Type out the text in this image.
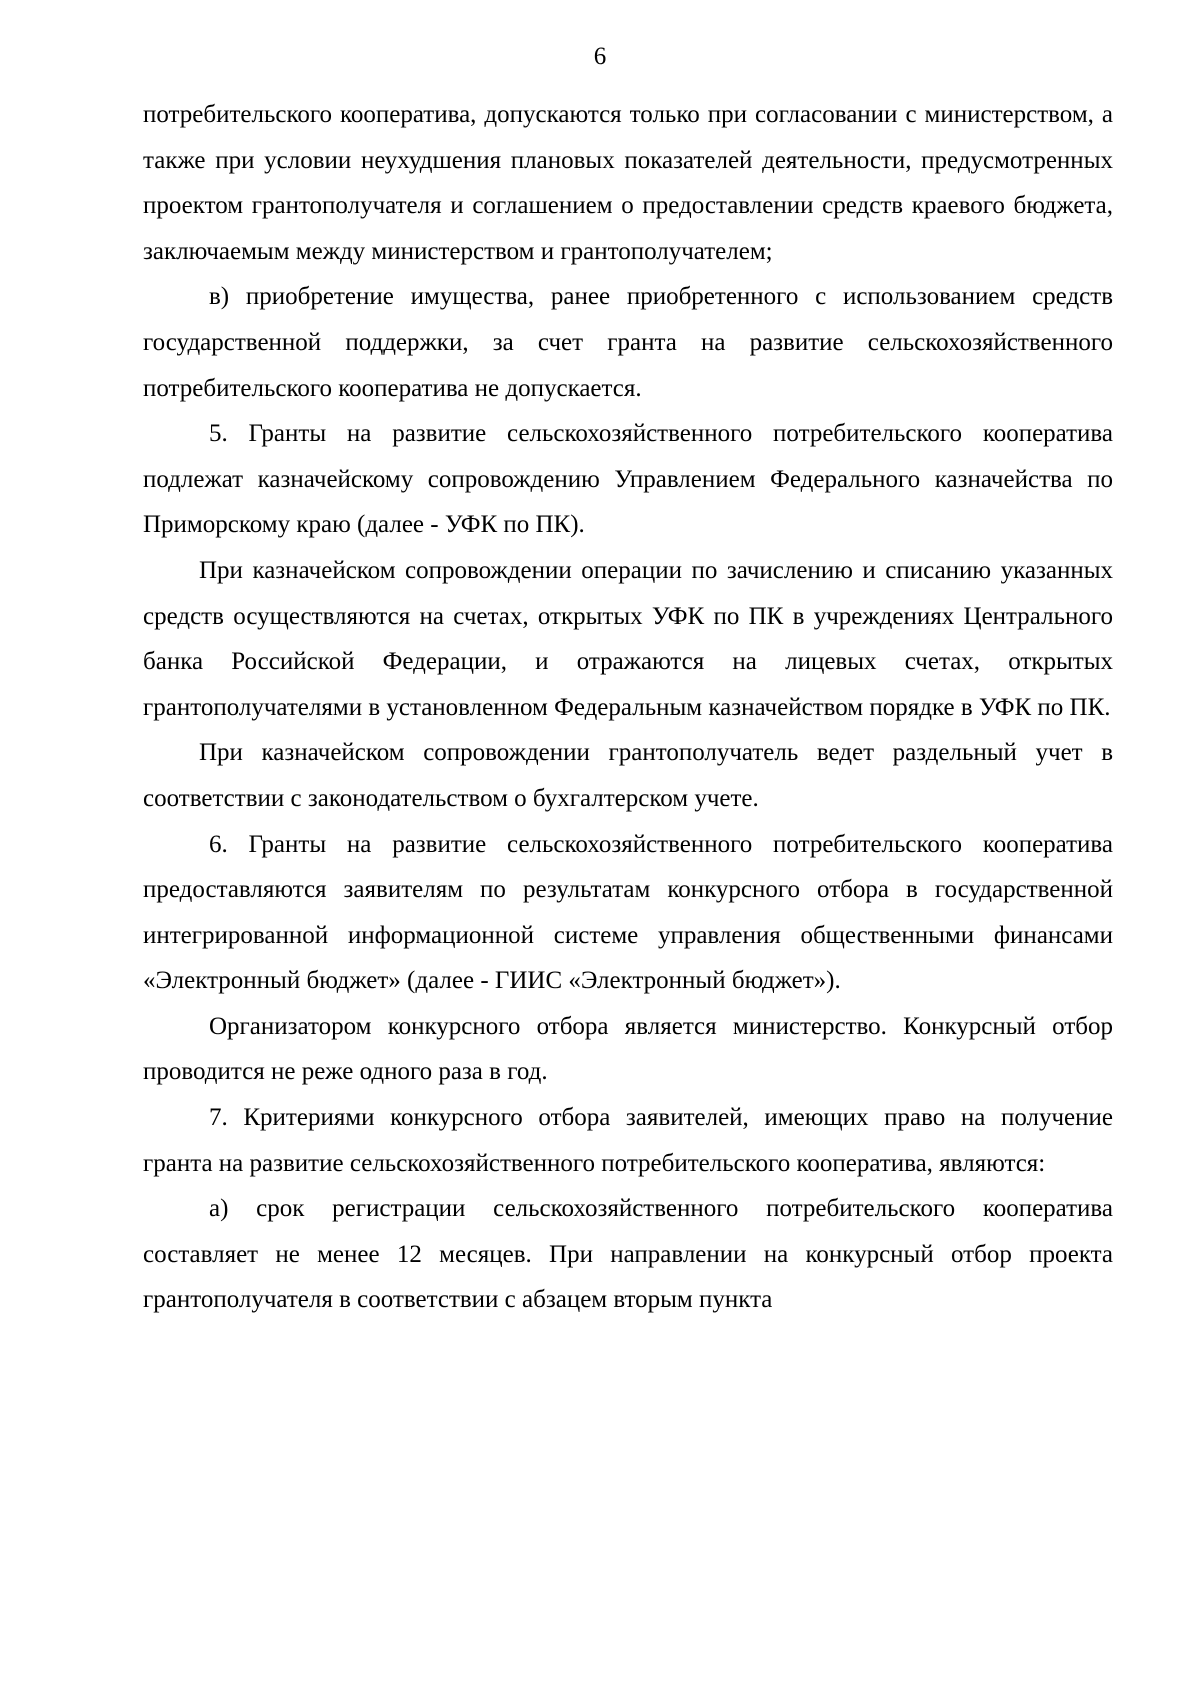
6

потребительского кооператива, допускаются только при согласовании с министерством, а также при условии неухудшения плановых показателей деятельности, предусмотренных проектом грантополучателя и соглашением о предоставлении средств краевого бюджета, заключаемым между министерством и грантополучателем;

в) приобретение имущества, ранее приобретенного с использованием средств государственной поддержки, за счет гранта на развитие сельскохозяйственного потребительского кооператива не допускается.

5. Гранты на развитие сельскохозяйственного потребительского кооператива подлежат казначейскому сопровождению Управлением Федерального казначейства по Приморскому краю (далее - УФК по ПК).

При казначейском сопровождении операции по зачислению и списанию указанных средств осуществляются на счетах, открытых УФК по ПК в учреждениях Центрального банка Российской Федерации, и отражаются на лицевых счетах, открытых грантополучателями в установленном Федеральным казначейством порядке в УФК по ПК.

При казначейском сопровождении грантополучатель ведет раздельный учет в соответствии с законодательством о бухгалтерском учете.

6. Гранты на развитие сельскохозяйственного потребительского кооператива предоставляются заявителям по результатам конкурсного отбора в государственной интегрированной информационной системе управления общественными финансами «Электронный бюджет» (далее - ГИИС «Электронный бюджет»).

Организатором конкурсного отбора является министерство. Конкурсный отбор проводится не реже одного раза в год.

7. Критериями конкурсного отбора заявителей, имеющих право на получение гранта на развитие сельскохозяйственного потребительского кооператива, являются:

а) срок регистрации сельскохозяйственного потребительского кооператива составляет не менее 12 месяцев. При направлении на конкурсный отбор проекта грантополучателя в соответствии с абзацем вторым пункта
